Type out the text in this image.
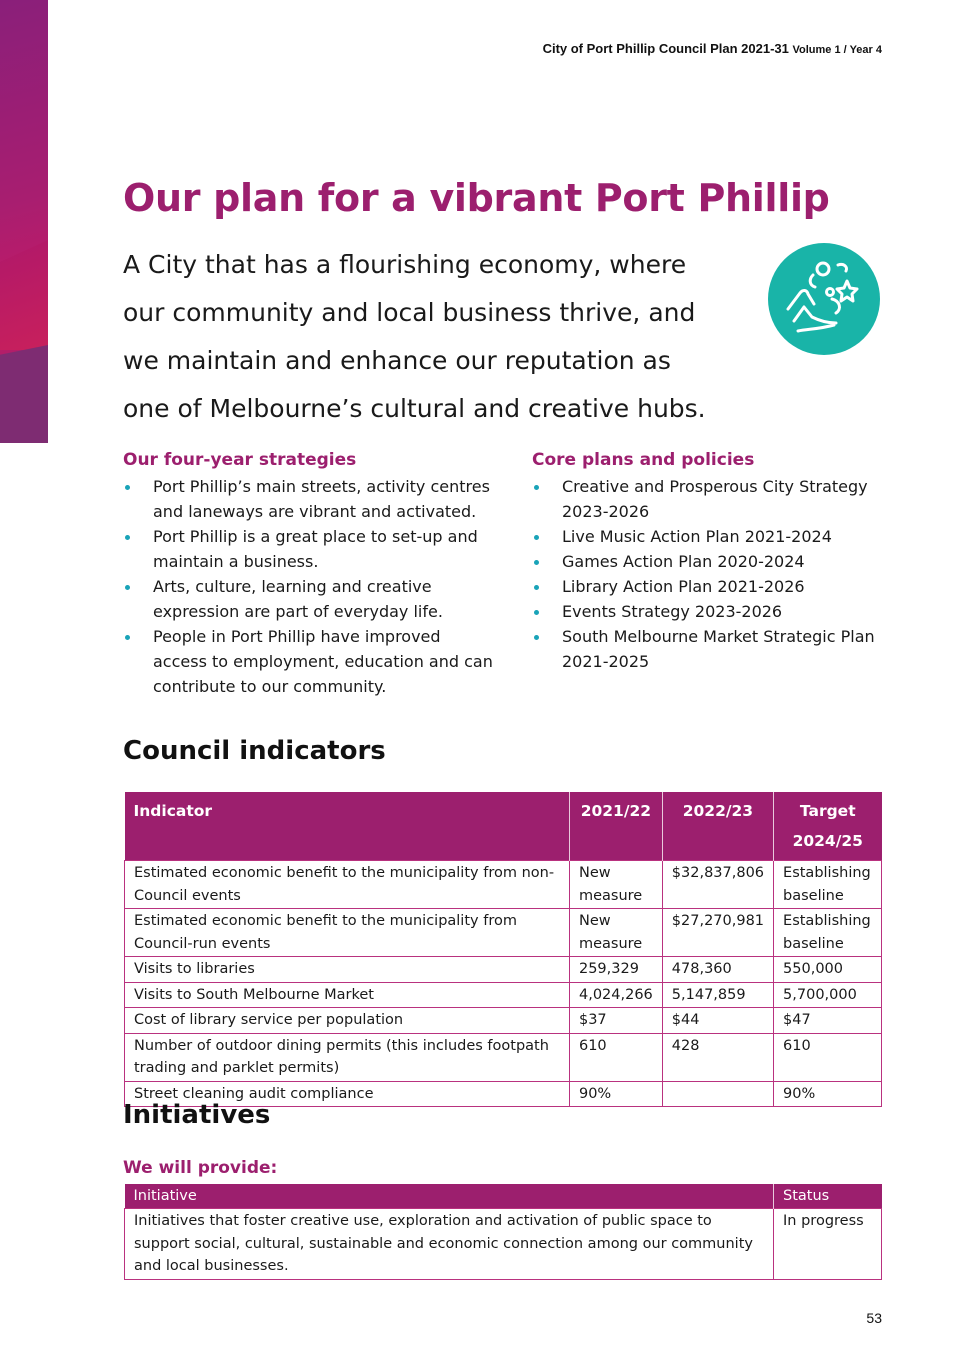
City of Port Phillip Council Plan 2021-31 Volume 1 / Year 4
Our plan for a vibrant Port Phillip
A City that has a flourishing economy, where
our community and local business thrive, and
we maintain and enhance our reputation as
one of Melbourne’s cultural and creative hubs.
Our four-year strategies
Port Phillip’s main streets, activity centres and laneways are vibrant and activated.
Port Phillip is a great place to set-up and maintain a business.
Arts, culture, learning and creative expression are part of everyday life.
People in Port Phillip have improved access to employment, education and can contribute to our community.
Core plans and policies
Creative and Prosperous City Strategy 2023-2026
Live Music Action Plan 2021-2024
Games Action Plan 2020-2024
Library Action Plan 2021-2026
Events Strategy 2023-2026
South Melbourne Market Strategic Plan 2021-2025
Council indicators
Indicator	2021/22	2022/23	Target 2024/25
Estimated economic benefit to the municipality from non-Council events	New measure	$32,837,806	Establishing baseline
Estimated economic benefit to the municipality from Council-run events	New measure	$27,270,981	Establishing baseline
Visits to libraries	259,329	478,360	550,000
Visits to South Melbourne Market	4,024,266	5,147,859	5,700,000
Cost of library service per population	$37	$44	$47
Number of outdoor dining permits (this includes footpath trading and parklet permits)	610	428	610
Street cleaning audit compliance	90%		90%
Initiatives
We will provide:
Initiative	Status
Initiatives that foster creative use, exploration and activation of public space to support social, cultural, sustainable and economic connection among our community and local businesses.	In progress
53
